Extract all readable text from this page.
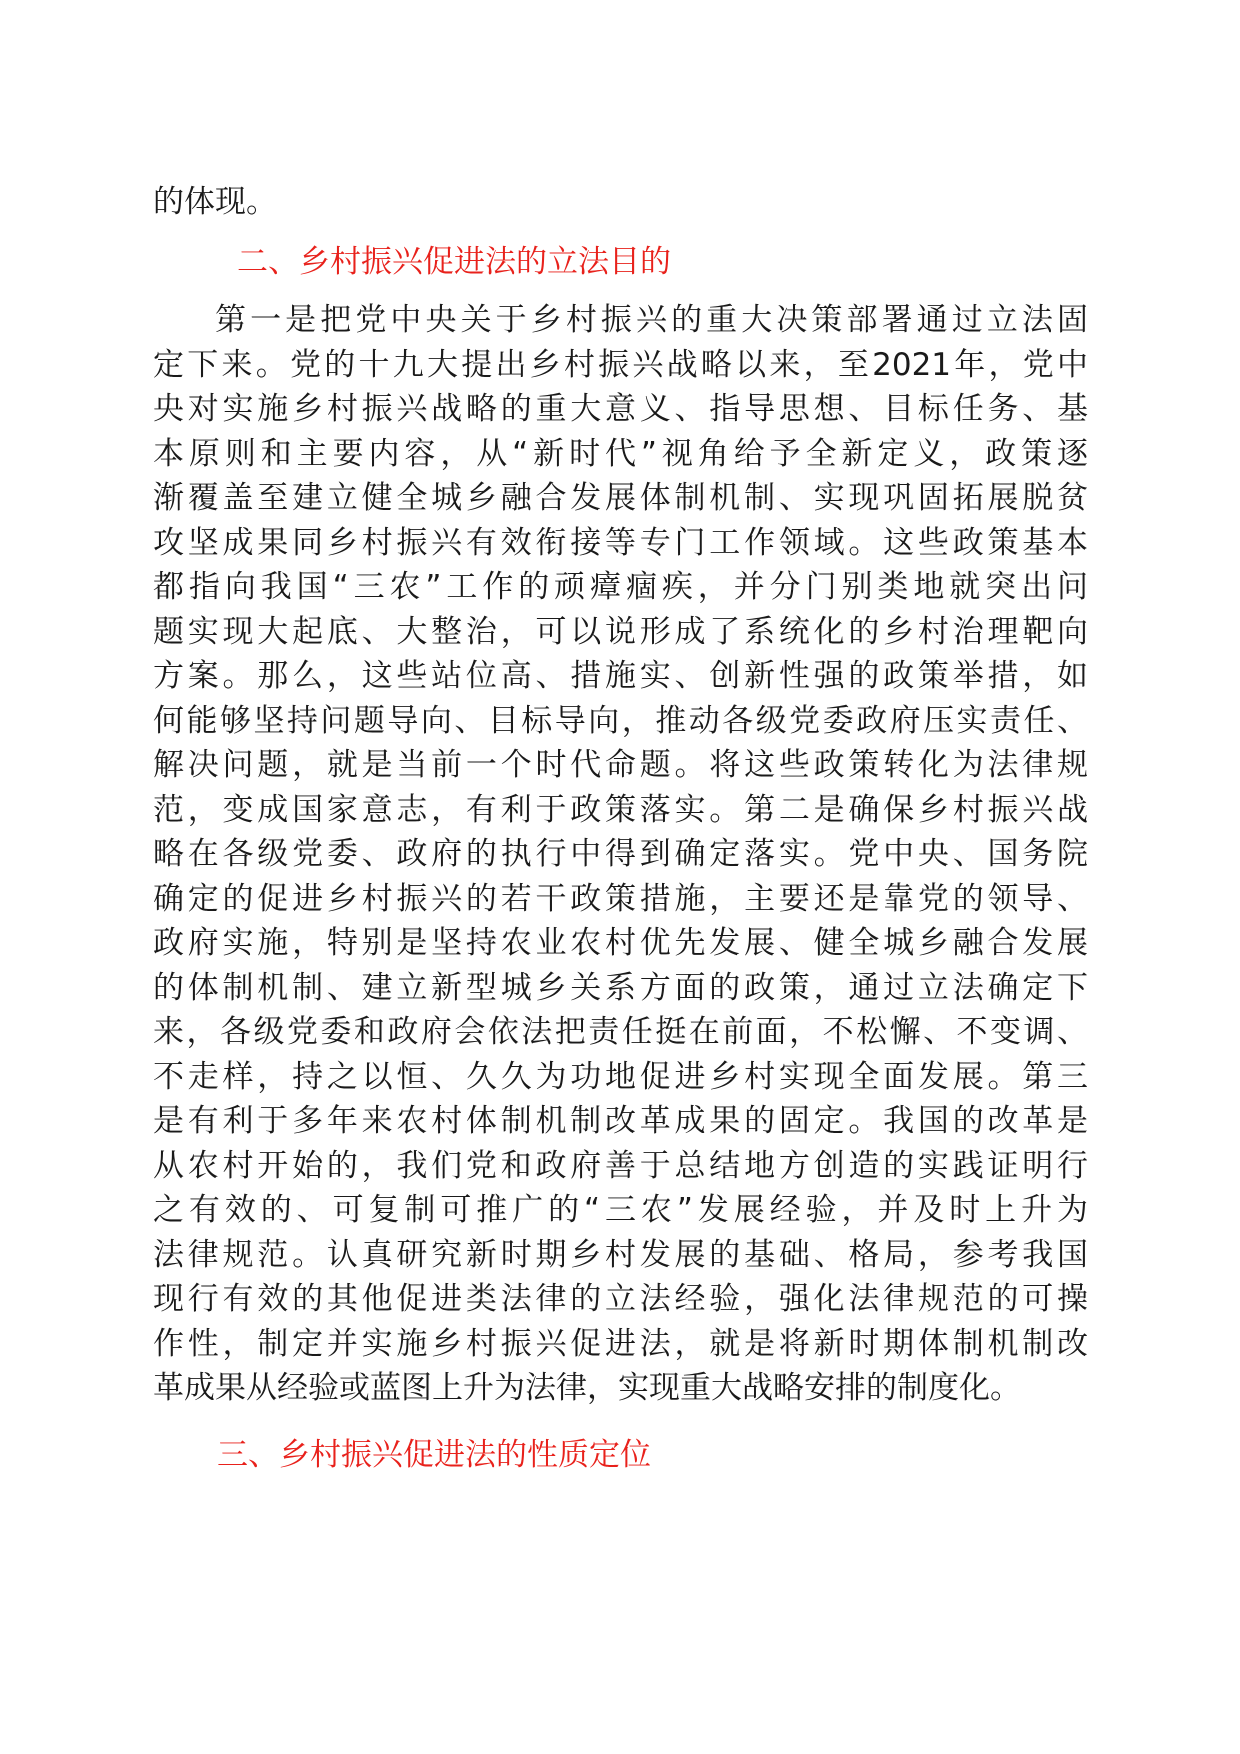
的体现。
二、乡村振兴促进法的立法目的
第一是把党中央关于乡村振兴的重大决策部署通过立法固
定下来。党的十九大提出乡村振兴战略以来，至2021年，党中
央对实施乡村振兴战略的重大意义、指导思想、目标任务、基
本原则和主要内容，从“新时代”视角给予全新定义，政策逐
渐覆盖至建立健全城乡融合发展体制机制、实现巩固拓展脱贫
攻坚成果同乡村振兴有效衔接等专门工作领域。这些政策基本
都指向我国“三农”工作的顽瘴痼疾，并分门别类地就突出问
题实现大起底、大整治，可以说形成了系统化的乡村治理靶向
方案。那么，这些站位高、措施实、创新性强的政策举措，如
何能够坚持问题导向、目标导向，推动各级党委政府压实责任、
解决问题，就是当前一个时代命题。将这些政策转化为法律规
范，变成国家意志，有利于政策落实。第二是确保乡村振兴战
略在各级党委、政府的执行中得到确定落实。党中央、国务院
确定的促进乡村振兴的若干政策措施，主要还是靠党的领导、
政府实施，特别是坚持农业农村优先发展、健全城乡融合发展
的体制机制、建立新型城乡关系方面的政策，通过立法确定下
来，各级党委和政府会依法把责任挺在前面，不松懈、不变调、
不走样，持之以恒、久久为功地促进乡村实现全面发展。第三
是有利于多年来农村体制机制改革成果的固定。我国的改革是
从农村开始的，我们党和政府善于总结地方创造的实践证明行
之有效的、可复制可推广的“三农”发展经验，并及时上升为
法律规范。认真研究新时期乡村发展的基础、格局，参考我国
现行有效的其他促进类法律的立法经验，强化法律规范的可操
作性，制定并实施乡村振兴促进法，就是将新时期体制机制改
革成果从经验或蓝图上升为法律，实现重大战略安排的制度化。
三、乡村振兴促进法的性质定位
